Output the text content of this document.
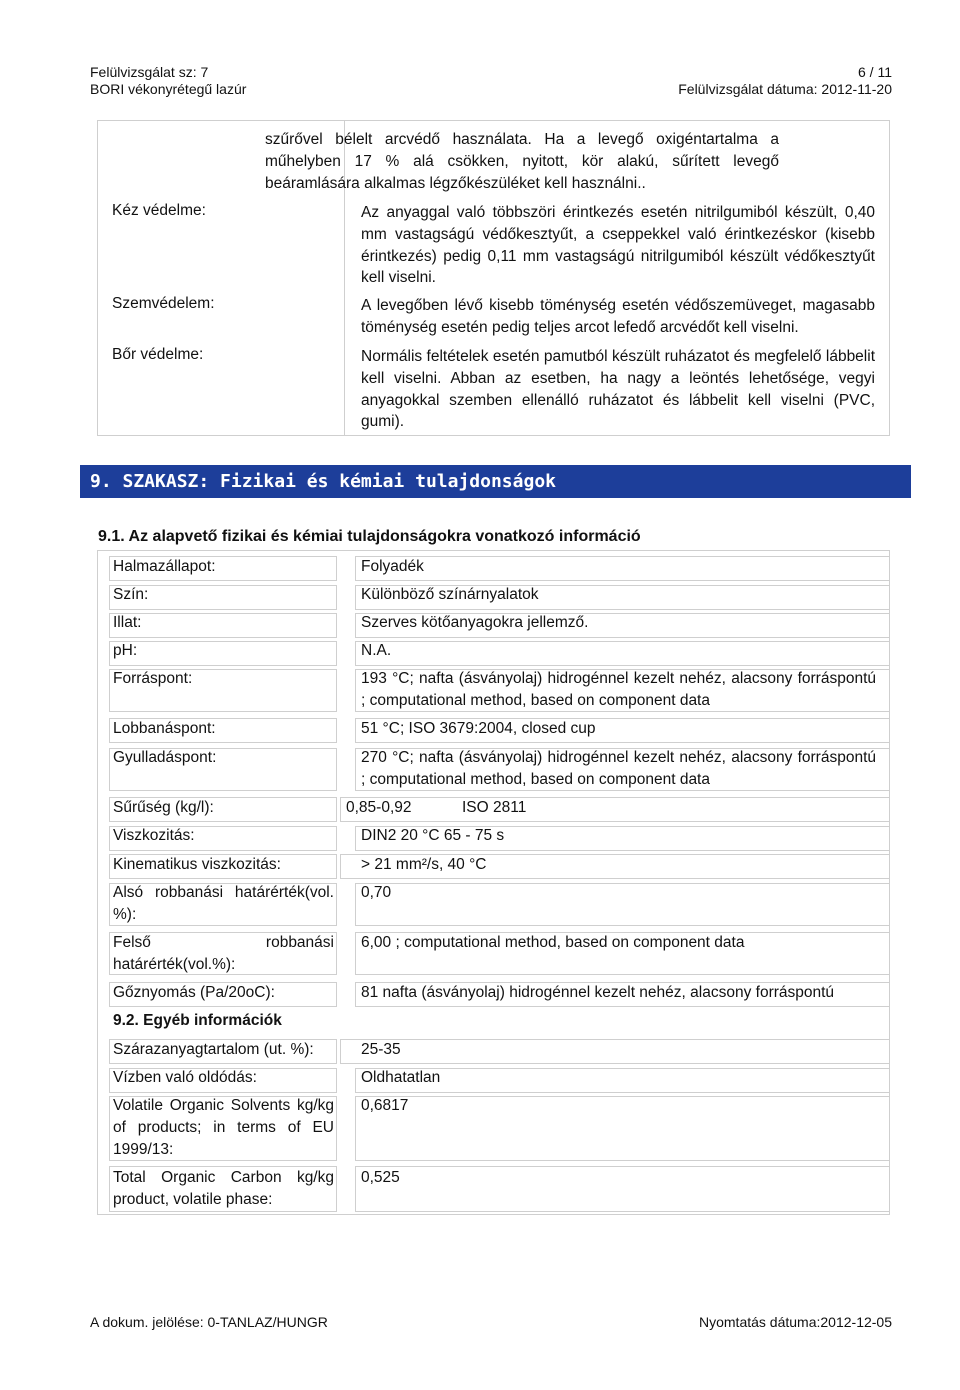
Felülvizsgálat sz: 7	6 / 11
BORI vékonyrétegű lazúr	Felülvizsgálat dátuma: 2012-11-20
szűrővel bélelt arcvédő használata. Ha a levegő oxigéntartalma a műhelyben 17 % alá csökken, nyitott, kör alakú, sűrített levegő beáramlására alkalmas légzőkészüléket kell használni..
Kéz védelme:	Az anyaggal való többszöri érintkezés esetén nitrilgumiból készült, 0,40 mm vastagságú védőkesztyűt, a cseppekkel való érintkezéskor (kisebb érintkezés) pedig 0,11 mm vastagságú nitrilgumiból készült védőkesztyűt kell viselni.
Szemvédelem:	A levegőben lévő kisebb töménység esetén védőszemüveget, magasabb töménység esetén pedig teljes arcot lefedő arcvédőt kell viselni.
Bőr védelme:	Normális feltételek esetén pamutból készült ruházatot és megfelelő lábbelit kell viselni. Abban az esetben, ha nagy a leöntés lehetősége, vegyi anyagokkal szemben ellenálló ruházatot és lábbelit kell viselni (PVC, gumi).
9. SZAKASZ: Fizikai és kémiai tulajdonságok
9.1. Az alapvető fizikai és kémiai tulajdonságokra vonatkozó információ
Halmazállapot:	Folyadék
Szín:	Különböző színárnyalatok
Illat:	Szerves kötőanyagokra jellemző.
pH:	N.A.
Forráspont:	193 °C; nafta (ásványolaj) hidrogénnel kezelt nehéz, alacsony forráspontú ; computational method, based on component data
Lobbanáspont:	51 °C; ISO 3679:2004, closed cup
Gyulladáspont:	270 °C; nafta (ásványolaj) hidrogénnel kezelt nehéz, alacsony forráspontú ; computational method, based on component data
Sűrűség (kg/l):	0,85-0,92	ISO 2811
Viszkozitás:	DIN2 20 °C 65 - 75 s
Kinematikus viszkozitás:	> 21 mm²/s, 40 °C
Alsó robbanási határérték(vol. %):
0,70
Felső robbanási határérték(vol.%):
6,00 ; computational method, based on component data
Gőznyomás (Pa/20oC):	81 nafta (ásványolaj) hidrogénnel kezelt nehéz, alacsony forráspontú
9.2. Egyéb információk
Szárazanyagtartalom (ut. %):	25-35
Vízben való oldódás:	Oldhatatlan
Volatile Organic Solvents kg/kg of products; in terms of EU 1999/13:
0,6817
Total Organic Carbon kg/kg product, volatile phase:
0,525
A dokum. jelölése: 0-TANLAZ/HUNGR	Nyomtatás dátuma:2012-12-05
